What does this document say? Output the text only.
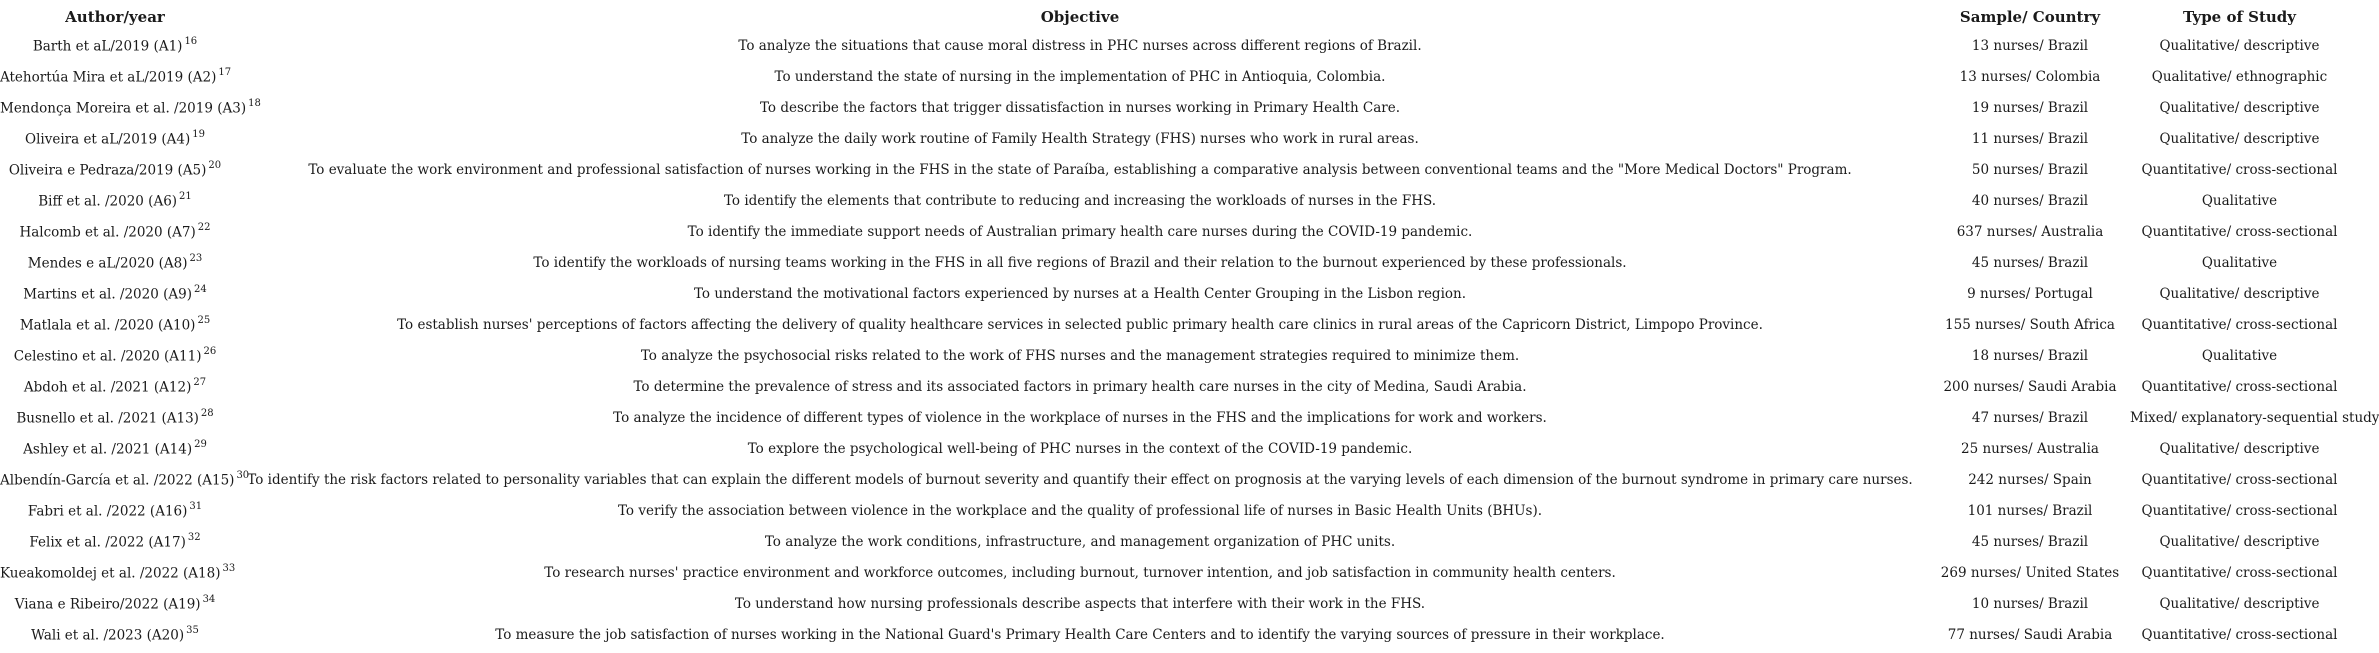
Author/year	Objective	Sample/ Country	Type of Study
Barth et aL/2019 (A1) $^{16}$	To analyze the situations that cause moral distress in PHC nurses across different regions of Brazil.	13 nurses/ Brazil	Qualitative/ descriptive
Atehortúa Mira et aL/2019 (A2) $^{17}$	To understand the state of nursing in the implementation of PHC in Antioquia, Colombia.	13 nurses/ Colombia	Qualitative/ ethnographic
Mendonça Moreira et al. /2019 (A3) $^{18}$	To describe the factors that trigger dissatisfaction in nurses working in Primary Health Care.	19 nurses/ Brazil	Qualitative/ descriptive
Oliveira et aL/2019 (A4) $^{19}$	To analyze the daily work routine of Family Health Strategy (FHS) nurses who work in rural areas.	11 nurses/ Brazil	Qualitative/ descriptive
Oliveira e Pedraza/2019 (A5) $^{20}$	To evaluate the work environment and professional satisfaction of nurses working in the FHS in the state of Paraíba, establishing a comparative analysis between conventional teams and the "More Medical Doctors" Program.	50 nurses/ Brazil	Quantitative/ cross-sectional
Biff et al. /2020 (A6) $^{21}$	To identify the elements that contribute to reducing and increasing the workloads of nurses in the FHS.	40 nurses/ Brazil	Qualitative
Halcomb et al. /2020 (A7) $^{22}$	To identify the immediate support needs of Australian primary health care nurses during the COVID-19 pandemic.	637 nurses/ Australia	Quantitative/ cross-sectional
Mendes e aL/2020 (A8) $^{23}$	To identify the workloads of nursing teams working in the FHS in all five regions of Brazil and their relation to the burnout experienced by these professionals.	45 nurses/ Brazil	Qualitative
Martins et al. /2020 (A9) $^{24}$	To understand the motivational factors experienced by nurses at a Health Center Grouping in the Lisbon region.	9 nurses/ Portugal	Qualitative/ descriptive
Matlala et al. /2020 (A10) $^{25}$	To establish nurses' perceptions of factors affecting the delivery of quality healthcare services in selected public primary health care clinics in rural areas of the Capricorn District, Limpopo Province.	155 nurses/ South Africa	Quantitative/ cross-sectional
Celestino et al. /2020 (A11) $^{26}$	To analyze the psychosocial risks related to the work of FHS nurses and the management strategies required to minimize them.	18 nurses/ Brazil	Qualitative
Abdoh et al. /2021 (A12) $^{27}$	To determine the prevalence of stress and its associated factors in primary health care nurses in the city of Medina, Saudi Arabia.	200 nurses/ Saudi Arabia	Quantitative/ cross-sectional
Busnello et al. /2021 (A13) $^{28}$	To analyze the incidence of different types of violence in the workplace of nurses in the FHS and the implications for work and workers.	47 nurses/ Brazil	Mixed/ explanatory-sequential study
Ashley et al. /2021 (A14) $^{29}$	To explore the psychological well-being of PHC nurses in the context of the COVID-19 pandemic.	25 nurses/ Australia	Qualitative/ descriptive
Albendín-García et al. /2022 (A15) $^{30}$	To identify the risk factors related to personality variables that can explain the different models of burnout severity and quantify their effect on prognosis at the varying levels of each dimension of the burnout syndrome in primary care nurses.	242 nurses/ Spain	Quantitative/ cross-sectional
Fabri et al. /2022 (A16) $^{31}$	To verify the association between violence in the workplace and the quality of professional life of nurses in Basic Health Units (BHUs).	101 nurses/ Brazil	Quantitative/ cross-sectional
Felix et al. /2022 (A17) $^{32}$	To analyze the work conditions, infrastructure, and management organization of PHC units.	45 nurses/ Brazil	Qualitative/ descriptive
Kueakomoldej et al. /2022 (A18) $^{33}$	To research nurses' practice environment and workforce outcomes, including burnout, turnover intention, and job satisfaction in community health centers.	269 nurses/ United States	Quantitative/ cross-sectional
Viana e Ribeiro/2022 (A19) $^{34}$	To understand how nursing professionals describe aspects that interfere with their work in the FHS.	10 nurses/ Brazil	Qualitative/ descriptive
Wali et al. /2023 (A20) $^{35}$	To measure the job satisfaction of nurses working in the National Guard's Primary Health Care Centers and to identify the varying sources of pressure in their workplace.	77 nurses/ Saudi Arabia	Quantitative/ cross-sectional
